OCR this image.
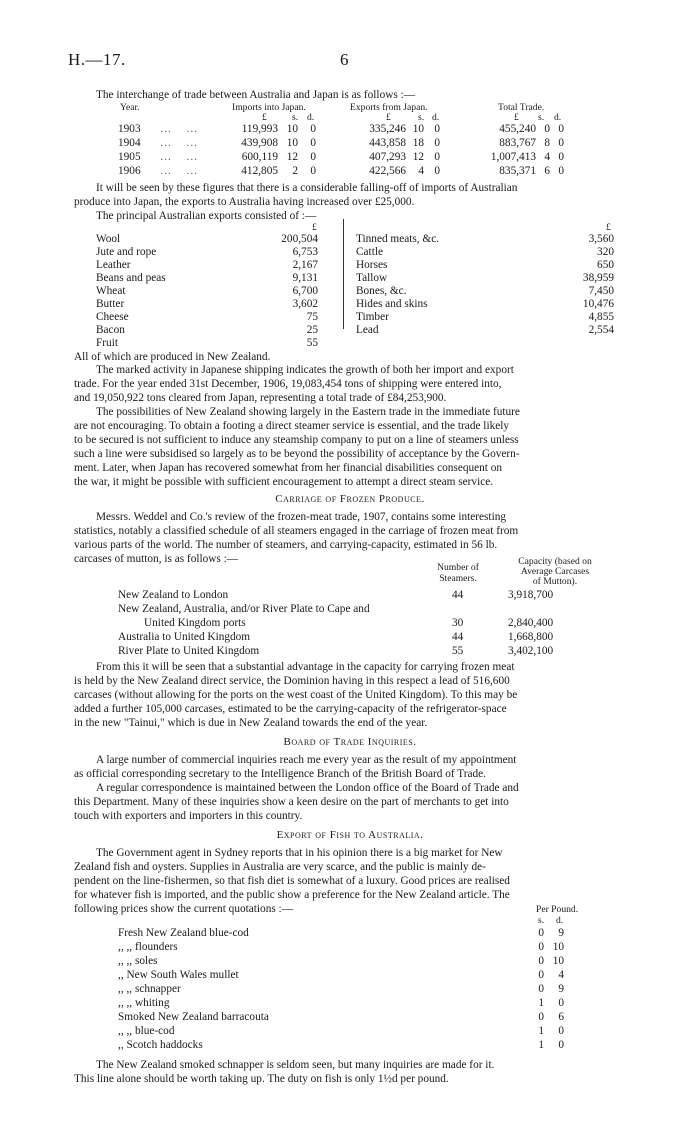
H.—17.	6
The interchange of trade between Australia and Japan is as follows :—
Year.	Imports into Japan.	Exports from Japan.	Total Trade.
£	s. d.	£	s. d.	£ s. d.
1903 … …	119,993 10	0	335,246 10 0	455,240 0 0
1904 … …	439,908 10	0	443,858 18 0	883,767 8 0
1905 … …	600,119 12	0	407,293 12 0	1,007,413 4 0
1906 … …	412,805	2	0	422,566	4 0	835,371 6 0
It will be seen by these figures that there is a considerable falling-off of imports of Australian
produce into Japan, the exports to Australia having increased over £25,000.
The principal Australian exports consisted of :—
£	£
Wool	200,504
Jute and rope	6,753
Leather	2,167
Beans and peas	9,131
Wheat	6,700
Butter	3,602
Cheese	75
Bacon	25
Fruit	55
Tinned meats, &c.	3,560
Cattle	320
Horses	650
Tallow	38,959
Bones, &c.	7,450
Hides and skins	10,476
Timber	4,855
Lead	2,554
All of which are produced in New Zealand.
The marked activity in Japanese shipping indicates the growth of both her import and export
trade. For the year ended 31st December, 1906, 19,083,454 tons of shipping were entered into,
and 19,050,922 tons cleared from Japan, representing a total trade of £84,253,900.
The possibilities of New Zealand showing largely in the Eastern trade in the immediate future
are not encouraging. To obtain a footing a direct steamer service is essential, and the trade likely
to be secured is not sufficient to induce any steamship company to put on a line of steamers unless
such a line were subsidised so largely as to be beyond the possibility of acceptance by the Govern-
ment. Later, when Japan has recovered somewhat from her financial disabilities consequent on
the war, it might be possible with sufficient encouragement to attempt a direct steam service.
Carriage of Frozen Produce.
Messrs. Weddel and Co.'s review of the frozen-meat trade, 1907, contains some interesting
statistics, notably a classified schedule of all steamers engaged in the carriage of frozen meat from
various parts of the world. The number of steamers, and carrying-capacity, estimated in 56 lb.
carcases of mutton, is as follows :—
Number of
Steamers.
Capacity (based on
Average Carcases
of Mutton).
New Zealand to London	44	3,918,700
New Zealand, Australia, and/or River Plate to Cape and
United Kingdom ports	30	2,840,400
Australia to United Kingdom	44	1,668,800
River Plate to United Kingdom	55	3,402,100
From this it will be seen that a substantial advantage in the capacity for carrying frozen meat
is held by the New Zealand direct service, the Dominion having in this respect a lead of 516,600
carcases (without allowing for the ports on the west coast of the United Kingdom). To this may be
added a further 105,000 carcases, estimated to be the carrying-capacity of the refrigerator-space
in the new "Tainui," which is due in New Zealand towards the end of the year.
Board of Trade Inquiries.
A large number of commercial inquiries reach me every year as the result of my appointment
as official corresponding secretary to the Intelligence Branch of the British Board of Trade.
A regular correspondence is maintained between the London office of the Board of Trade and
this Department. Many of these inquiries show a keen desire on the part of merchants to get into
touch with exporters and importers in this country.
Export of Fish to Australia.
The Government agent in Sydney reports that in his opinion there is a big market for New
Zealand fish and oysters. Supplies in Australia are very scarce, and the public is mainly de-
pendent on the line-fishermen, so that fish diet is somewhat of a luxury. Good prices are realised
for whatever fish is imported, and the public show a preference for the New Zealand article. The
following prices show the current quotations :—	Per Pound.
s. d.
Fresh New Zealand blue-cod	0	9
,, ,, flounders	0 10
,, ,, soles	0 10
,, New South Wales mullet	0	4
,, ,, schnapper	0	9
,, ,, whiting	1	0
Smoked New Zealand barracouta	0	6
,, ,, blue-cod	1	0
,, Scotch haddocks	1	0
The New Zealand smoked schnapper is seldom seen, but many inquiries are made for it.
This line alone should be worth taking up. The duty on fish is only 1½d per pound.
